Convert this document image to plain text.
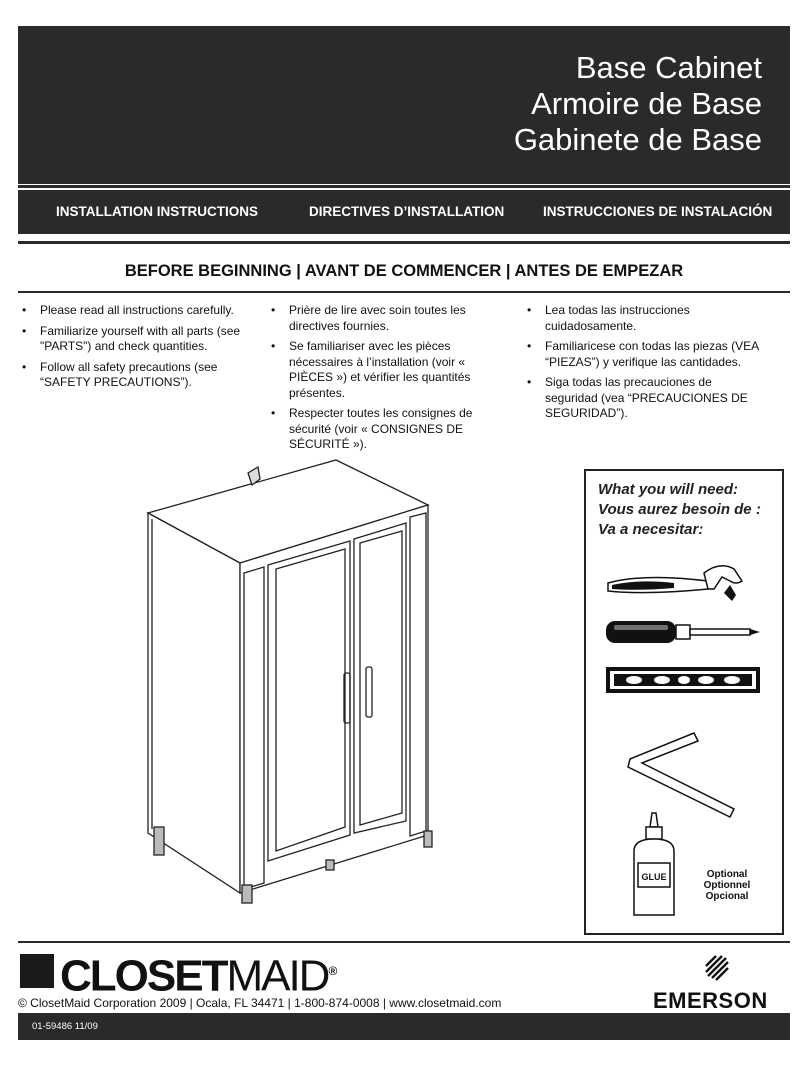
Base Cabinet
Armoire de Base
Gabinete de Base
INSTALLATION INSTRUCTIONS	DIRECTIVES D’INSTALLATION	INSTRUCCIONES DE INSTALACIÓN
BEFORE BEGINNING | AVANT DE COMMENCER | ANTES DE EMPEZAR
• Please read all instructions carefully.
• Familiarize yourself with all parts (see "PARTS") and check quantities.
• Follow all safety precautions (see “SAFETY PRECAUTIONS”).
• Prière de lire avec soin toutes les directives fournies.
• Se familiariser avec les pièces nécessaires à l’installation (voir « PIÈCES ») et vérifier les quantités présentes.
• Respecter toutes les consignes de sécurité (voir « CONSIGNES DE SÉCURITÉ »).
• Lea todas las instrucciones cuidadosamente.
• Familiaricese con todas las piezas (VEA “PIEZAS”) y verifique las cantidades.
• Siga todas las precauciones de seguridad (vea “PRECAUCIONES DE SEGURIDAD”).
What you will need:
Vous aurez besoin de :
Va a necesitar:
GLUE	Optional
Optionnel
Opcional
CLOSETMAID®
© ClosetMaid Corporation 2009 | Ocala, FL 34471 | 1-800-874-0008 | www.closetmaid.com	EMERSON
01-59486 11/09
